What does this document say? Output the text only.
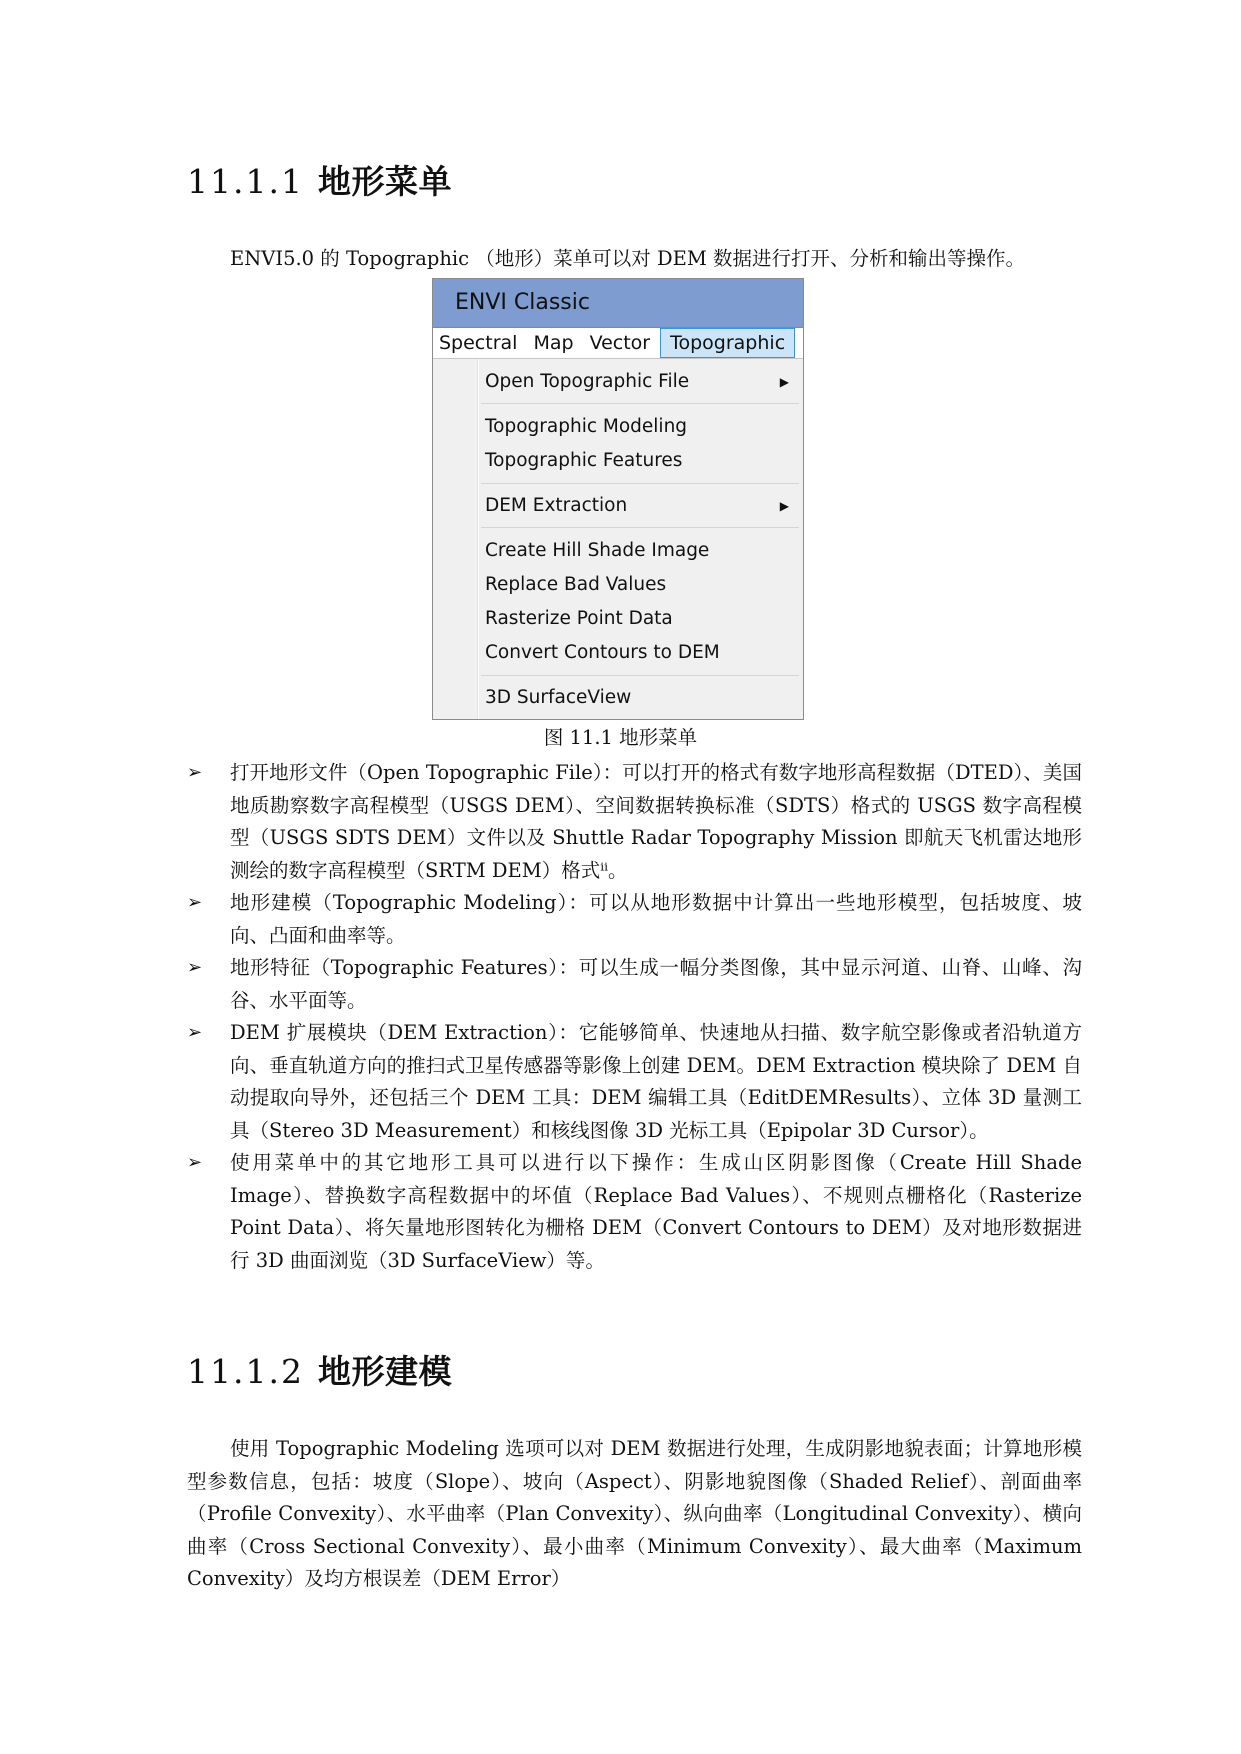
11.1.1 地形菜单

ENVI5.0 的 Topographic （地形）菜单可以对 DEM 数据进行打开、分析和输出等操作。

ENVI Classic
Spectral Map Vector	Topographic
Open Topographic File	▶
Topographic Modeling
Topographic Features
DEM Extraction	▶
Create Hill Shade Image
Replace Bad Values
Rasterize Point Data
Convert Contours to DEM
3D SurfaceView

图 11.1 地形菜单

➢ 打开地形文件（Open Topographic File）：可以打开的格式有数字地形高程数据（DTED）、美国地质勘察数字高程模型（USGS DEM）、空间数据转换标准（SDTS）格式的 USGS 数字高程模型（USGS SDTS DEM）文件以及 Shuttle Radar Topography Mission 即航天飞机雷达地形测绘的数字高程模型（SRTM DEM）格式ⁱⁱ。
➢ 地形建模（Topographic Modeling）：可以从地形数据中计算出一些地形模型，包括坡度、坡向、凸面和曲率等。
➢ 地形特征（Topographic Features）：可以生成一幅分类图像，其中显示河道、山脊、山峰、沟谷、水平面等。
➢ DEM 扩展模块（DEM Extraction）：它能够简单、快速地从扫描、数字航空影像或者沿轨道方向、垂直轨道方向的推扫式卫星传感器等影像上创建 DEM。DEM Extraction 模块除了 DEM 自动提取向导外，还包括三个 DEM 工具：DEM 编辑工具（EditDEMResults）、立体 3D 量测工具（Stereo 3D Measurement）和核线图像 3D 光标工具（Epipolar 3D Cursor）。
➢ 使用菜单中的其它地形工具可以进行以下操作：生成山区阴影图像（Create Hill Shade Image）、替换数字高程数据中的坏值（Replace Bad Values）、不规则点栅格化（Rasterize Point Data）、将矢量地形图转化为栅格 DEM（Convert Contours to DEM）及对地形数据进行 3D 曲面浏览（3D SurfaceView）等。
11.1.2 地形建模

使用 Topographic Modeling 选项可以对 DEM 数据进行处理，生成阴影地貌表面；计算地形模型参数信息，包括：坡度（Slope）、坡向（Aspect）、阴影地貌图像（Shaded Relief）、剖面曲率（Profile Convexity）、水平曲率（Plan Convexity）、纵向曲率（Longitudinal Convexity）、横向曲率（Cross Sectional Convexity）、最小曲率（Minimum Convexity）、最大曲率（Maximum Convexity）及均方根误差（DEM Error）
